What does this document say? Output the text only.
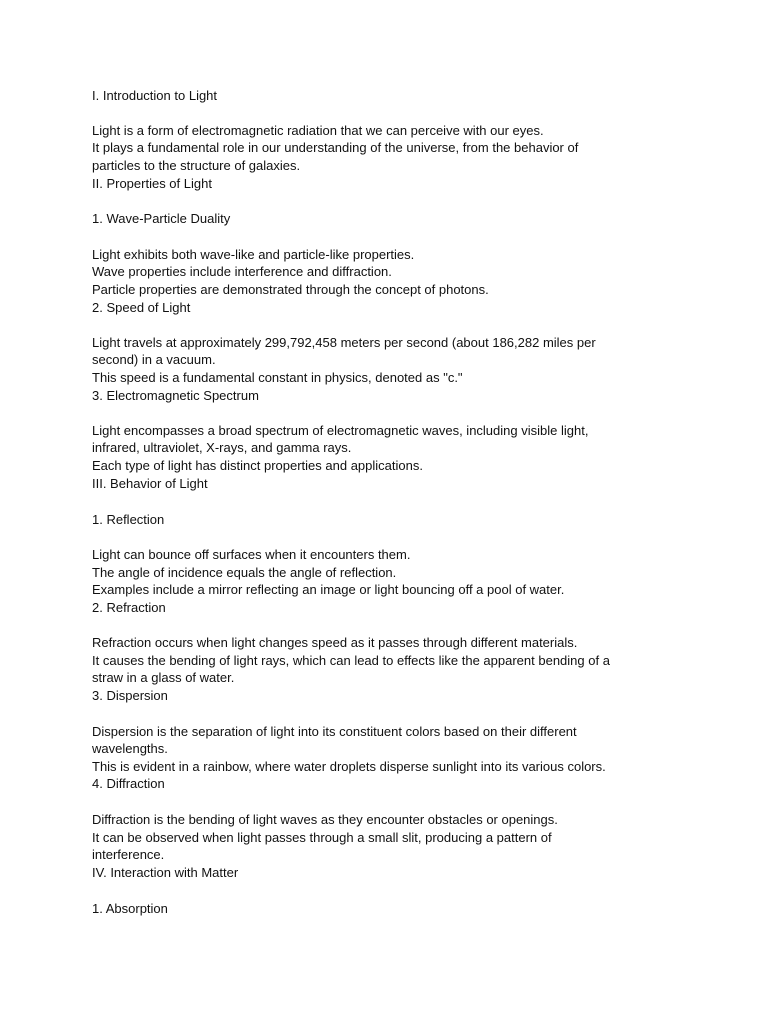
I. Introduction to Light
Light is a form of electromagnetic radiation that we can perceive with our eyes.
It plays a fundamental role in our understanding of the universe, from the behavior of
particles to the structure of galaxies.
II. Properties of Light
1. Wave-Particle Duality
Light exhibits both wave-like and particle-like properties.
Wave properties include interference and diffraction.
Particle properties are demonstrated through the concept of photons.
2. Speed of Light
Light travels at approximately 299,792,458 meters per second (about 186,282 miles per
second) in a vacuum.
This speed is a fundamental constant in physics, denoted as "c."
3. Electromagnetic Spectrum
Light encompasses a broad spectrum of electromagnetic waves, including visible light,
infrared, ultraviolet, X-rays, and gamma rays.
Each type of light has distinct properties and applications.
III. Behavior of Light
1. Reflection
Light can bounce off surfaces when it encounters them.
The angle of incidence equals the angle of reflection.
Examples include a mirror reflecting an image or light bouncing off a pool of water.
2. Refraction
Refraction occurs when light changes speed as it passes through different materials.
It causes the bending of light rays, which can lead to effects like the apparent bending of a
straw in a glass of water.
3. Dispersion
Dispersion is the separation of light into its constituent colors based on their different
wavelengths.
This is evident in a rainbow, where water droplets disperse sunlight into its various colors.
4. Diffraction
Diffraction is the bending of light waves as they encounter obstacles or openings.
It can be observed when light passes through a small slit, producing a pattern of
interference.
IV. Interaction with Matter
1. Absorption
